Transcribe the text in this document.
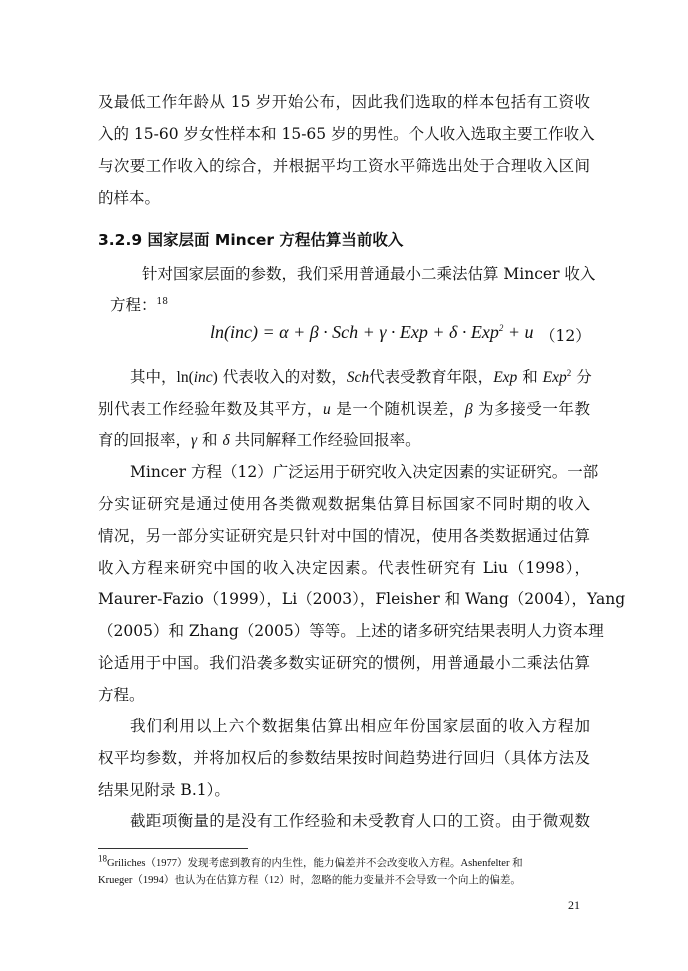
及最低工作年龄从 15 岁开始公布，因此我们选取的样本包括有工资收
入的 15-60 岁女性样本和 15-65 岁的男性。个人收入选取主要工作收入
与次要工作收入的综合，并根据平均工资水平筛选出处于合理收入区间
的样本。
3.2.9 国家层面 Mincer 方程估算当前收入
针对国家层面的参数，我们采用普通最小二乘法估算 Mincer 收入
方程：$^{18}$
ln(inc) = α + β · Sch + γ · Exp + δ · Exp$^2$ + u （12）
其中，ln(inc) 代表收入的对数，Sch代表受教育年限，Exp 和 Exp$^2$ 分
别代表工作经验年数及其平方，u 是一个随机误差，β 为多接受一年教
育的回报率，γ 和 δ 共同解释工作经验回报率。
Mincer 方程（12）广泛运用于研究收入决定因素的实证研究。一部
分实证研究是通过使用各类微观数据集估算目标国家不同时期的收入
情况，另一部分实证研究是只针对中国的情况，使用各类数据通过估算
收入方程来研究中国的收入决定因素。代表性研究有 Liu（1998），
Maurer-Fazio（1999），Li（2003），Fleisher 和 Wang（2004），Yang
（2005）和 Zhang（2005）等等。上述的诸多研究结果表明人力资本理
论适用于中国。我们沿袭多数实证研究的惯例，用普通最小二乘法估算
方程。
我们利用以上六个数据集估算出相应年份国家层面的收入方程加
权平均参数，并将加权后的参数结果按时间趋势进行回归（具体方法及
结果见附录 B.1）。
截距项衡量的是没有工作经验和未受教育人口的工资。由于微观数
$^{18}$Griliches（1977）发现考虑到教育的内生性，能力偏差并不会改变收入方程。Ashenfelter 和
Krueger（1994）也认为在估算方程（12）时，忽略的能力变量并不会导致一个向上的偏差。
21
